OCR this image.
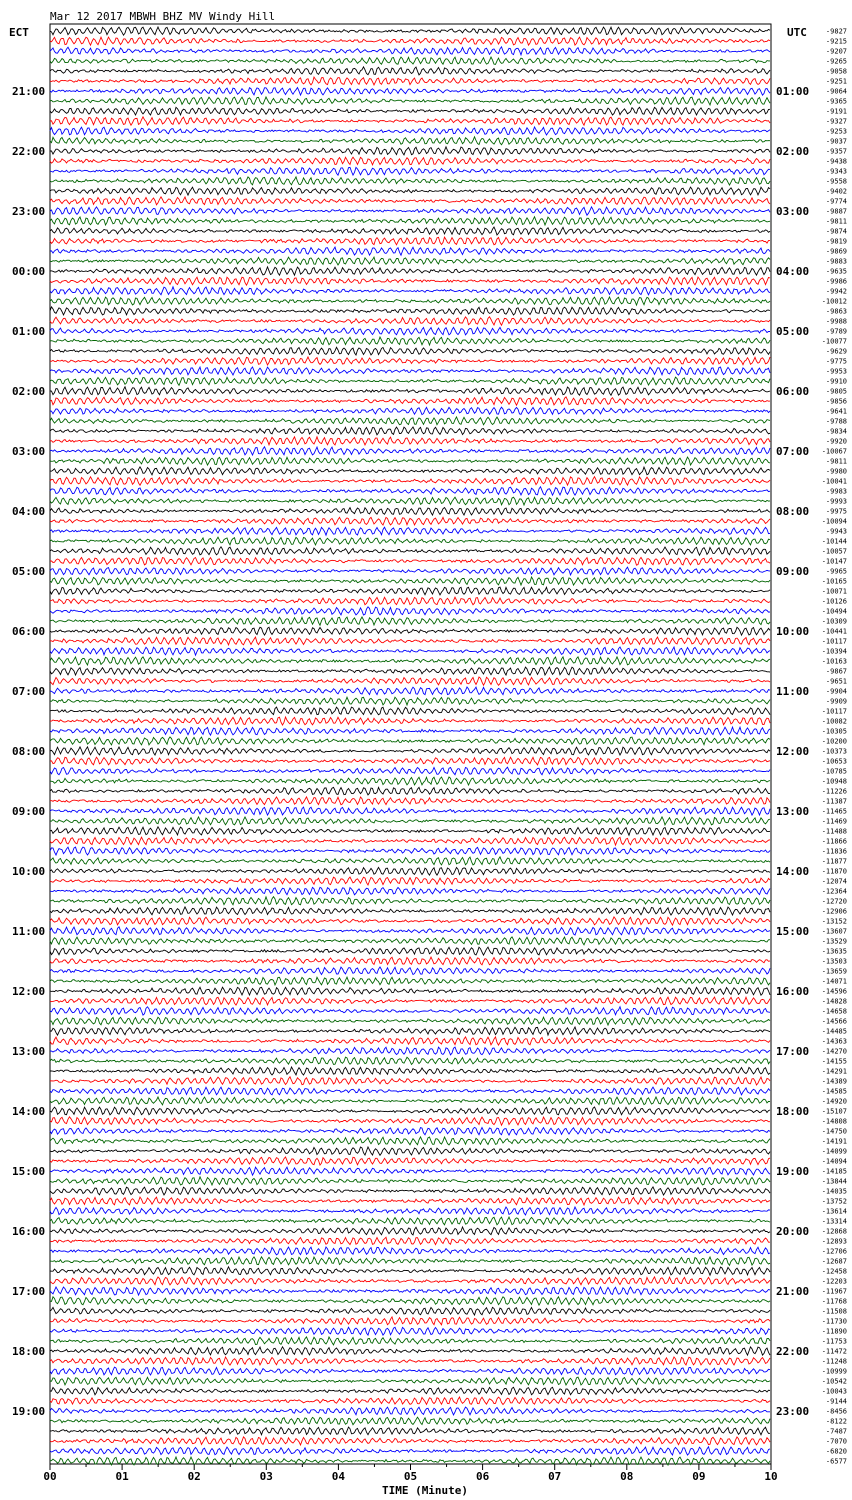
Mar 12 2017 MBWH BHZ MV Windy Hill
ECT	UTC
21:00
22:00
23:00
00:00
01:00
02:00
03:00
04:00
05:00
06:00
07:00
08:00
09:00
10:00
11:00
12:00
13:00
14:00
15:00
16:00
17:00
18:00
19:00
01:00
02:00
03:00
04:00
05:00
06:00
07:00
08:00
09:00
10:00
11:00
12:00
13:00
14:00
15:00
16:00
17:00
18:00
19:00
20:00
21:00
22:00
23:00
-9827
-9215
-9207
-9265
-9058
-9251
-9064
-9365
-9191
-9327
-9253
-9037
-9357
-9438
-9343
-9558
-9402
-9774
-9887
-9811
-9874
-9819
-9869
-9883
-9635
-9986
-9942
-10012
-9863
-9988
-9789
-10077
-9629
-9775
-9953
-9910
-9805
-9856
-9641
-9788
-9834
-9920
-10067
-9811
-9980
-10041
-9983
-9993
-9975
-10094
-9943
-10144
-10057
-10147
-9965
-10165
-10071
-10126
-10494
-10309
-10441
-10117
-10394
-10163
-9867
-9651
-9904
-9909
-10117
-10082
-10305
-10200
-10373
-10653
-10785
-10948
-11226
-11387
-11465
-11469
-11488
-11866
-11836
-11877
-11870
-12074
-12364
-12720
-12906
-13152
-13607
-13529
-13635
-13503
-13659
-14071
-14596
-14828
-14658
-14566
-14485
-14363
-14270
-14155
-14291
-14389
-14585
-14920
-15107
-14808
-14750
-14191
-14099
-14094
-14185
-13844
-14035
-13752
-13614
-13314
-12868
-12893
-12706
-12687
-12458
-12203
-11967
-11768
-11508
-11730
-11890
-11753
-11472
-11248
-10999
-10542
-10043
-9144
-8456
-8122
-7487
-7070
-6820
-6577
00	01	02	03	04	05	06	07	08	09	10
TIME (Minute)
